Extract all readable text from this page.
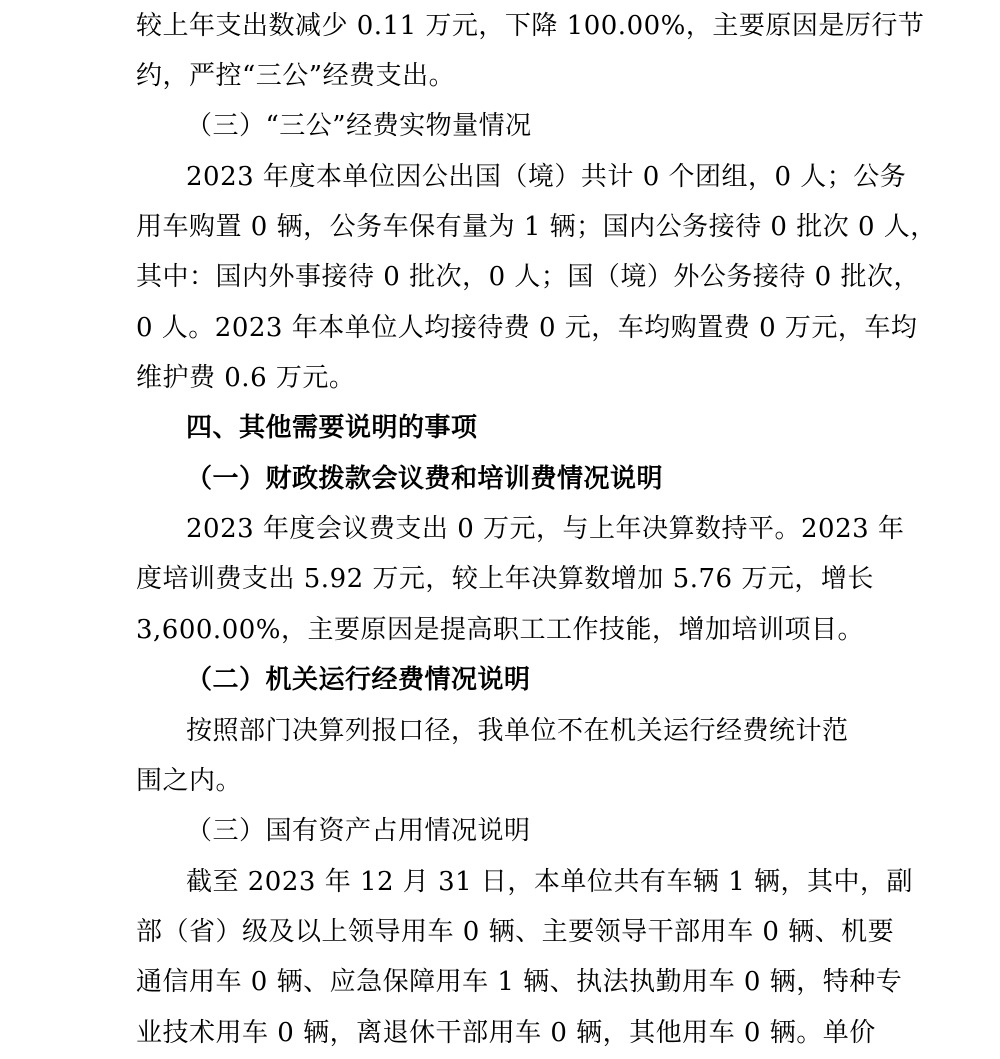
较上年支出数减少 0.11 万元，下降 100.00%，主要原因是厉行节
约，严控“三公”经费支出。
（三）“三公”经费实物量情况
2023 年度本单位因公出国（境）共计 0 个团组，0 人；公务
用车购置 0 辆，公务车保有量为 1 辆；国内公务接待 0 批次 0 人，
其中：国内外事接待 0 批次，0 人；国（境）外公务接待 0 批次，
0 人。2023 年本单位人均接待费 0 元，车均购置费 0 万元，车均
维护费 0.6 万元。
四、其他需要说明的事项
（一）财政拨款会议费和培训费情况说明
2023 年度会议费支出 0 万元，与上年决算数持平。2023 年
度培训费支出 5.92 万元，较上年决算数增加 5.76 万元，增长
3,600.00%，主要原因是提高职工工作技能，增加培训项目。
（二）机关运行经费情况说明
按照部门决算列报口径，我单位不在机关运行经费统计范
围之内。
（三）国有资产占用情况说明
截至 2023 年 12 月 31 日，本单位共有车辆 1 辆，其中，副
部（省）级及以上领导用车 0 辆、主要领导干部用车 0 辆、机要
通信用车 0 辆、应急保障用车 1 辆、执法执勤用车 0 辆，特种专
业技术用车 0 辆，离退休干部用车 0 辆，其他用车 0 辆。单价
